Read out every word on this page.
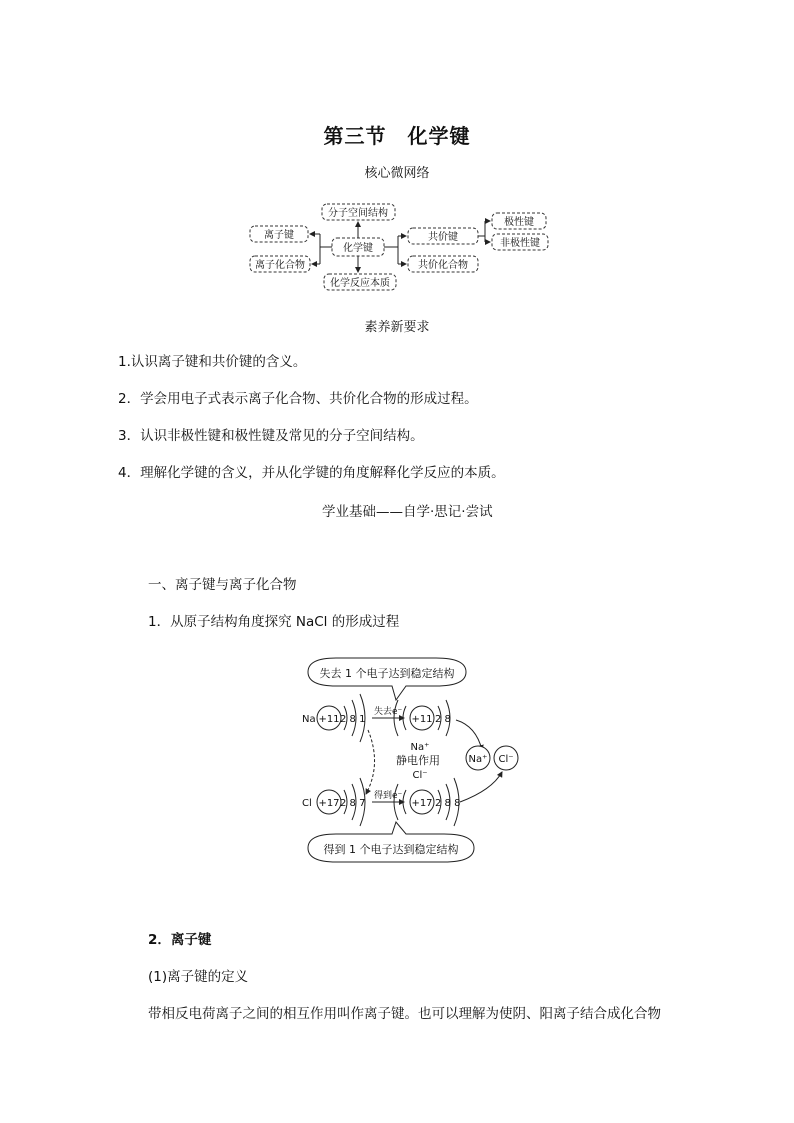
第三节　化学键
核心微网络
分子空间结构
化学键
化学反应本质
离子键
离子化合物
共价键
共价化合物
极性键
非极性键
素养新要求
1.认识离子键和共价键的含义。
2．学会用电子式表示离子化合物、共价化合物的形成过程。
3．认识非极性键和极性键及常见的分子空间结构。
4．理解化学键的含义，并从化学键的角度解释化学反应的本质。
学业基础——自学·思记·尝试
一、离子键与离子化合物
1．从原子结构角度探究 NaCl 的形成过程
失去 1 个电子达到稳定结构
Na +11 2 8 1
失去e⁻
+11 2 8
Na⁺
静电作用
Cl⁻
Na⁺ Cl⁻
Cl +17 2 8 7
得到e⁻
+17 2 8 8
得到 1 个电子达到稳定结构
2．离子键
(1)离子键的定义
带相反电荷离子之间的相互作用叫作离子键。也可以理解为使阴、阳离子结合成化合物
